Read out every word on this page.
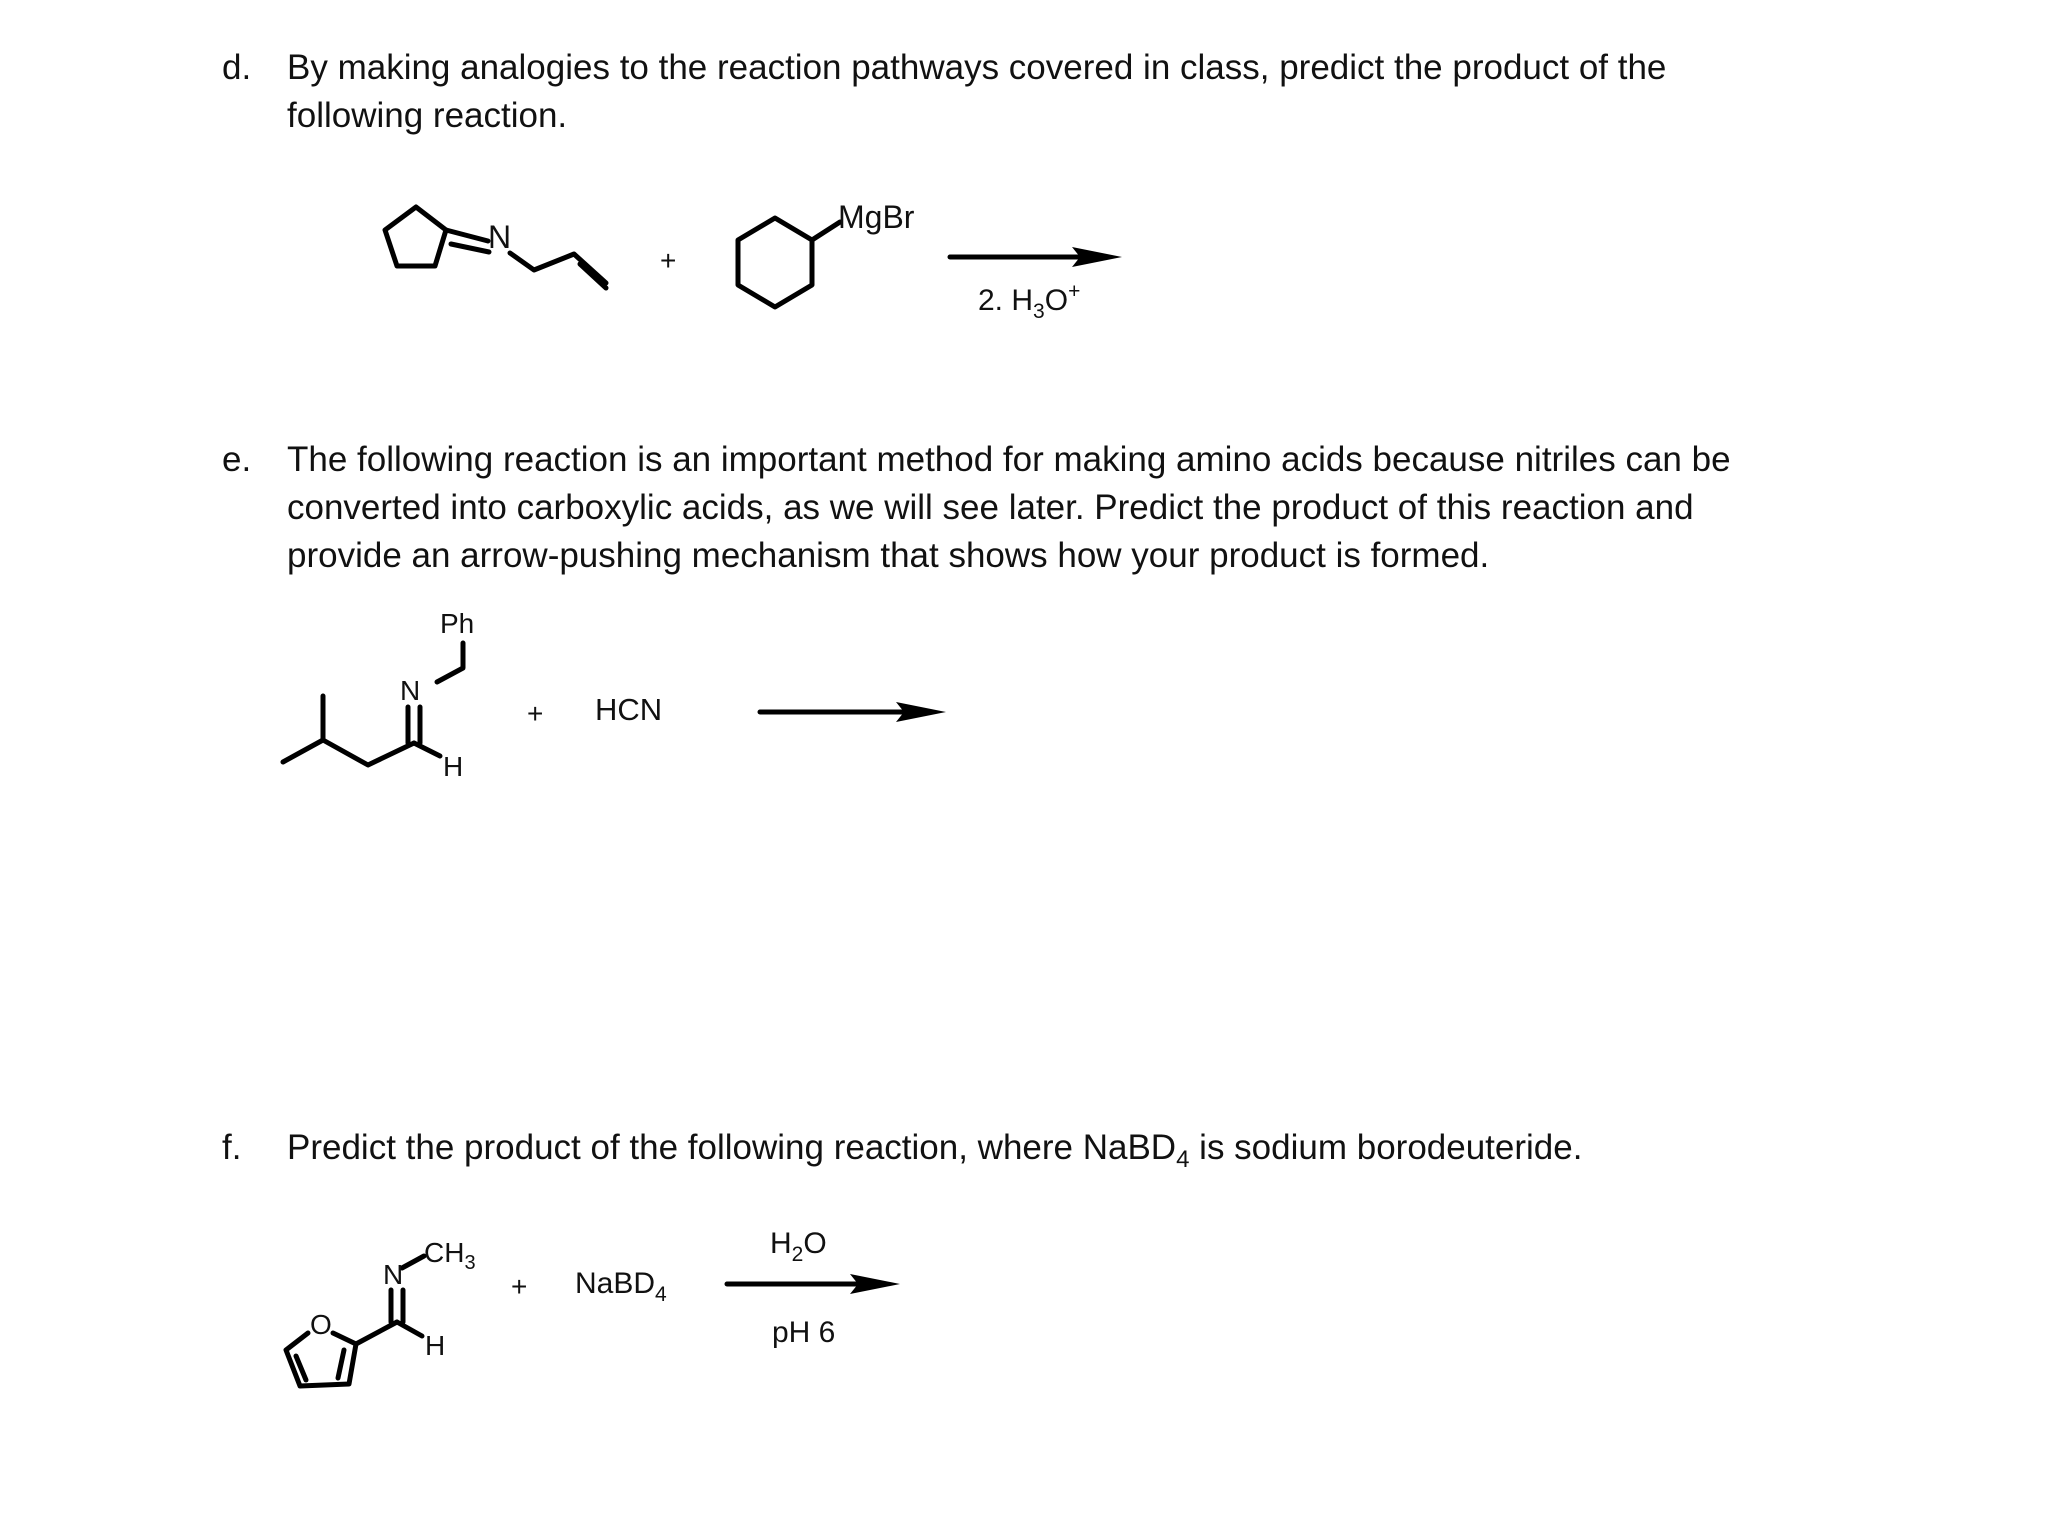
d. By making analogies to the reaction pathways covered in class, predict the product of the
following reaction.
e. The following reaction is an important method for making amino acids because nitriles can be
converted into carboxylic acids, as we will see later. Predict the product of this reaction and
provide an arrow-pushing mechanism that shows how your product is formed.
f. Predict the product of the following reaction, where NaBD$_4$ is sodium borodeuteride.
N
+
MgBr
2. $H_3O^+$
Ph
N
H
+ HCN
$CH_3$
N
H
O
+ NaBD$_4$
$H_2O$
pH 6
